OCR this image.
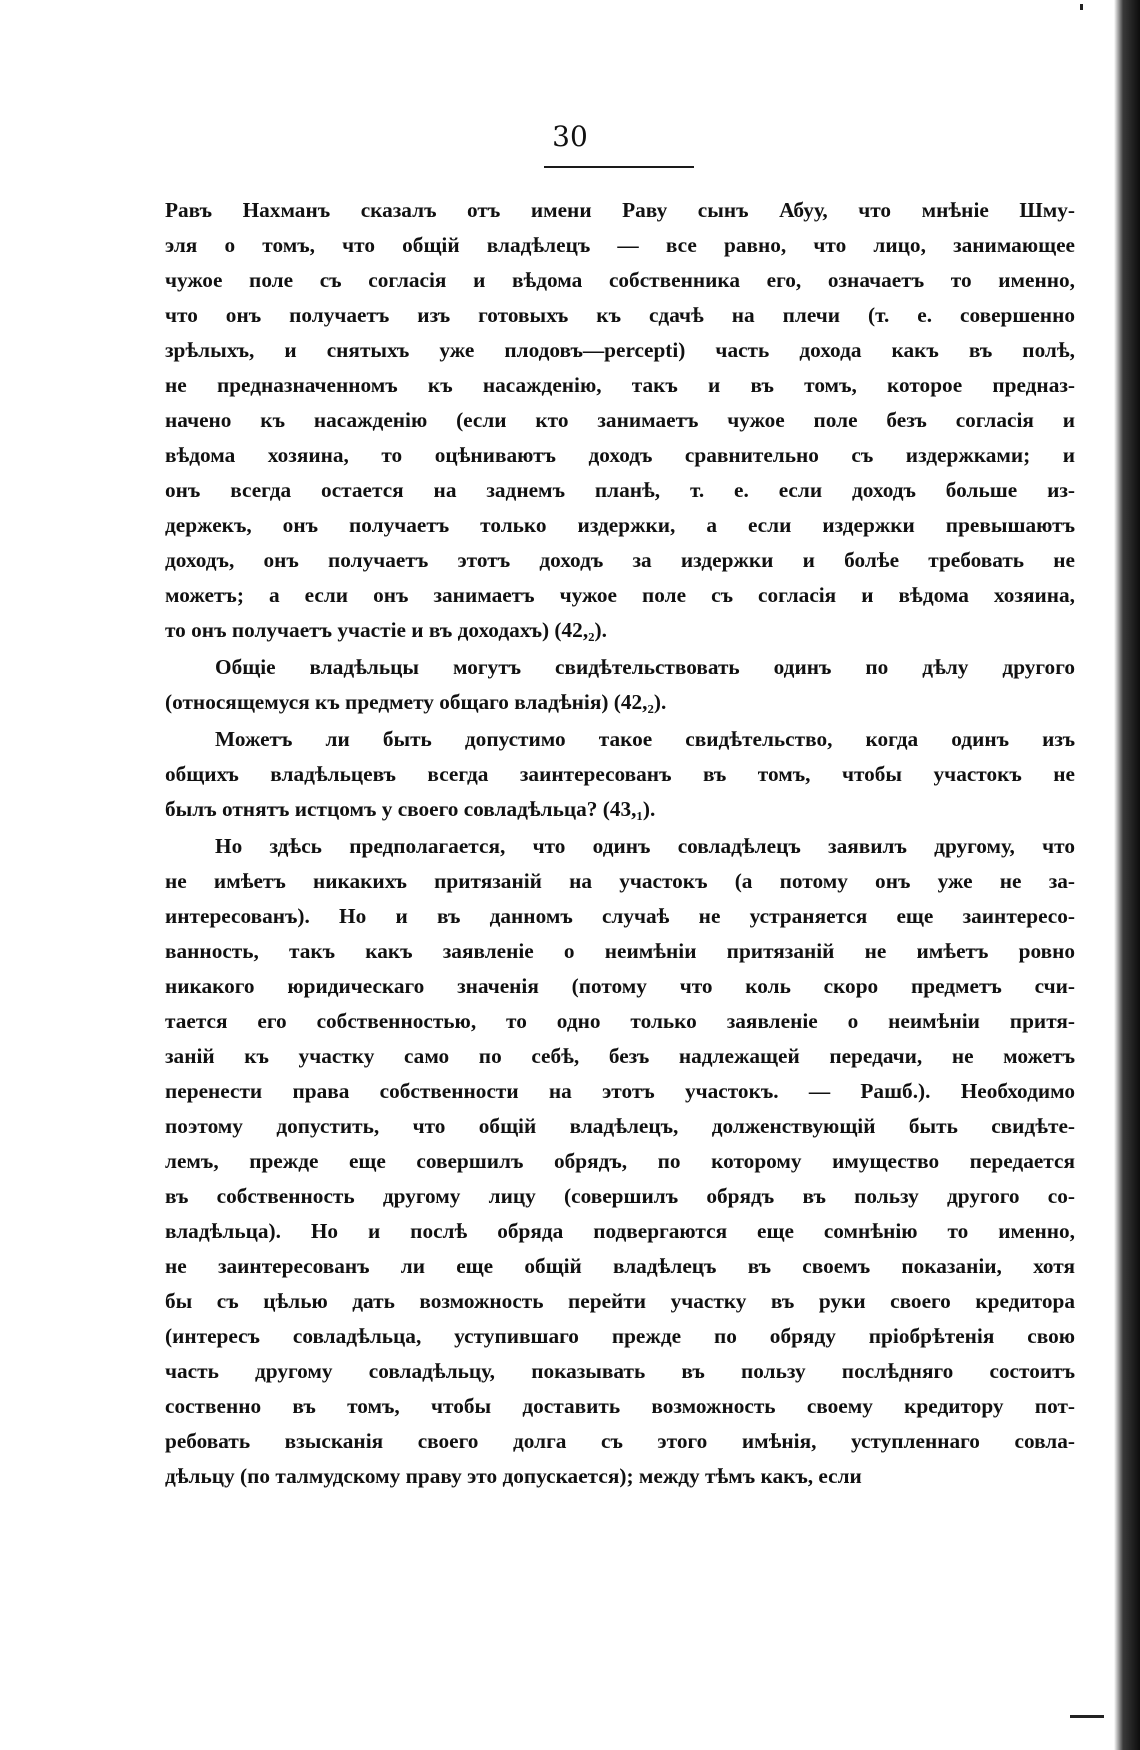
30
Равъ Нахманъ сказалъ отъ имени Раву сынъ Абуу, что мнѣніе Шму-
эля о томъ, что общій владѣлецъ — все равно, что лицо, занимающее
чужое поле съ согласія и вѣдома собственника его, означаетъ то именно,
что онъ получаетъ изъ готовыхъ къ сдачѣ на плечи (т. е. совершенно
зрѣлыхъ, и снятыхъ уже плодовъ—percepti) часть дохода какъ въ полѣ,
не предназначенномъ къ насажденію, такъ и въ томъ, которое предназ-
начено къ насажденію (если кто занимаетъ чужое поле безъ согласія и
вѣдома хозяина, то оцѣниваютъ доходъ сравнительно съ издержками; и
онъ всегда остается на заднемъ планѣ, т. е. если доходъ больше из-
держекъ, онъ получаетъ только издержки, а если издержки превышаютъ
доходъ, онъ получаетъ этотъ доходъ за издержки и болѣе требовать не
можетъ; а если онъ занимаетъ чужое поле съ согласія и вѣдома хозяина,
то онъ получаетъ участіе и въ доходахъ) (42,₂).
Общіе владѣльцы могутъ свидѣтельствовать одинъ по дѣлу другого
(относящемуся къ предмету общаго владѣнія) (42,₂).
Можетъ ли быть допустимо такое свидѣтельство, когда одинъ изъ
общихъ владѣльцевъ всегда заинтересованъ въ томъ, чтобы участокъ не
былъ отнятъ истцомъ у своего совладѣльца? (43,₁).
Но здѣсь предполагается, что одинъ совладѣлецъ заявилъ другому, что
не имѣетъ никакихъ притязаній на участокъ (а потому онъ уже не за-
интересованъ). Но и въ данномъ случаѣ не устраняется еще заинтересо-
ванность, такъ какъ заявленіе о неимѣніи притязаній не имѣетъ ровно
никакого юридическаго значенія (потому что коль скоро предметъ счи-
тается его собственностью, то одно только заявленіе о неимѣніи притя-
заній къ участку само по себѣ, безъ надлежащей передачи, не можетъ
перенести права собственности на этотъ участокъ. — Рашб.). Необходимо
поэтому допустить, что общій владѣлецъ, долженствующій быть свидѣте-
лемъ, прежде еще совершилъ обрядъ, по которому имущество передается
въ собственность другому лицу (совершилъ обрядъ въ пользу другого со-
владѣльца). Но и послѣ обряда подвергаются еще сомнѣнію то именно,
не заинтересованъ ли еще общій владѣлецъ въ своемъ показаніи, хотя
бы съ цѣлью дать возможность перейти участку въ руки своего кредитора
(интересъ совладѣльца, уступившаго прежде по обряду пріобрѣтенія свою
часть другому совладѣльцу, показывать въ пользу послѣдняго состоитъ
соственно въ томъ, чтобы доставить возможность своему кредитору пот-
ребовать взысканія своего долга съ этого имѣнія, уступленнаго совла-
дѣльцу (по талмудскому праву это допускается); между тѣмъ какъ, если
